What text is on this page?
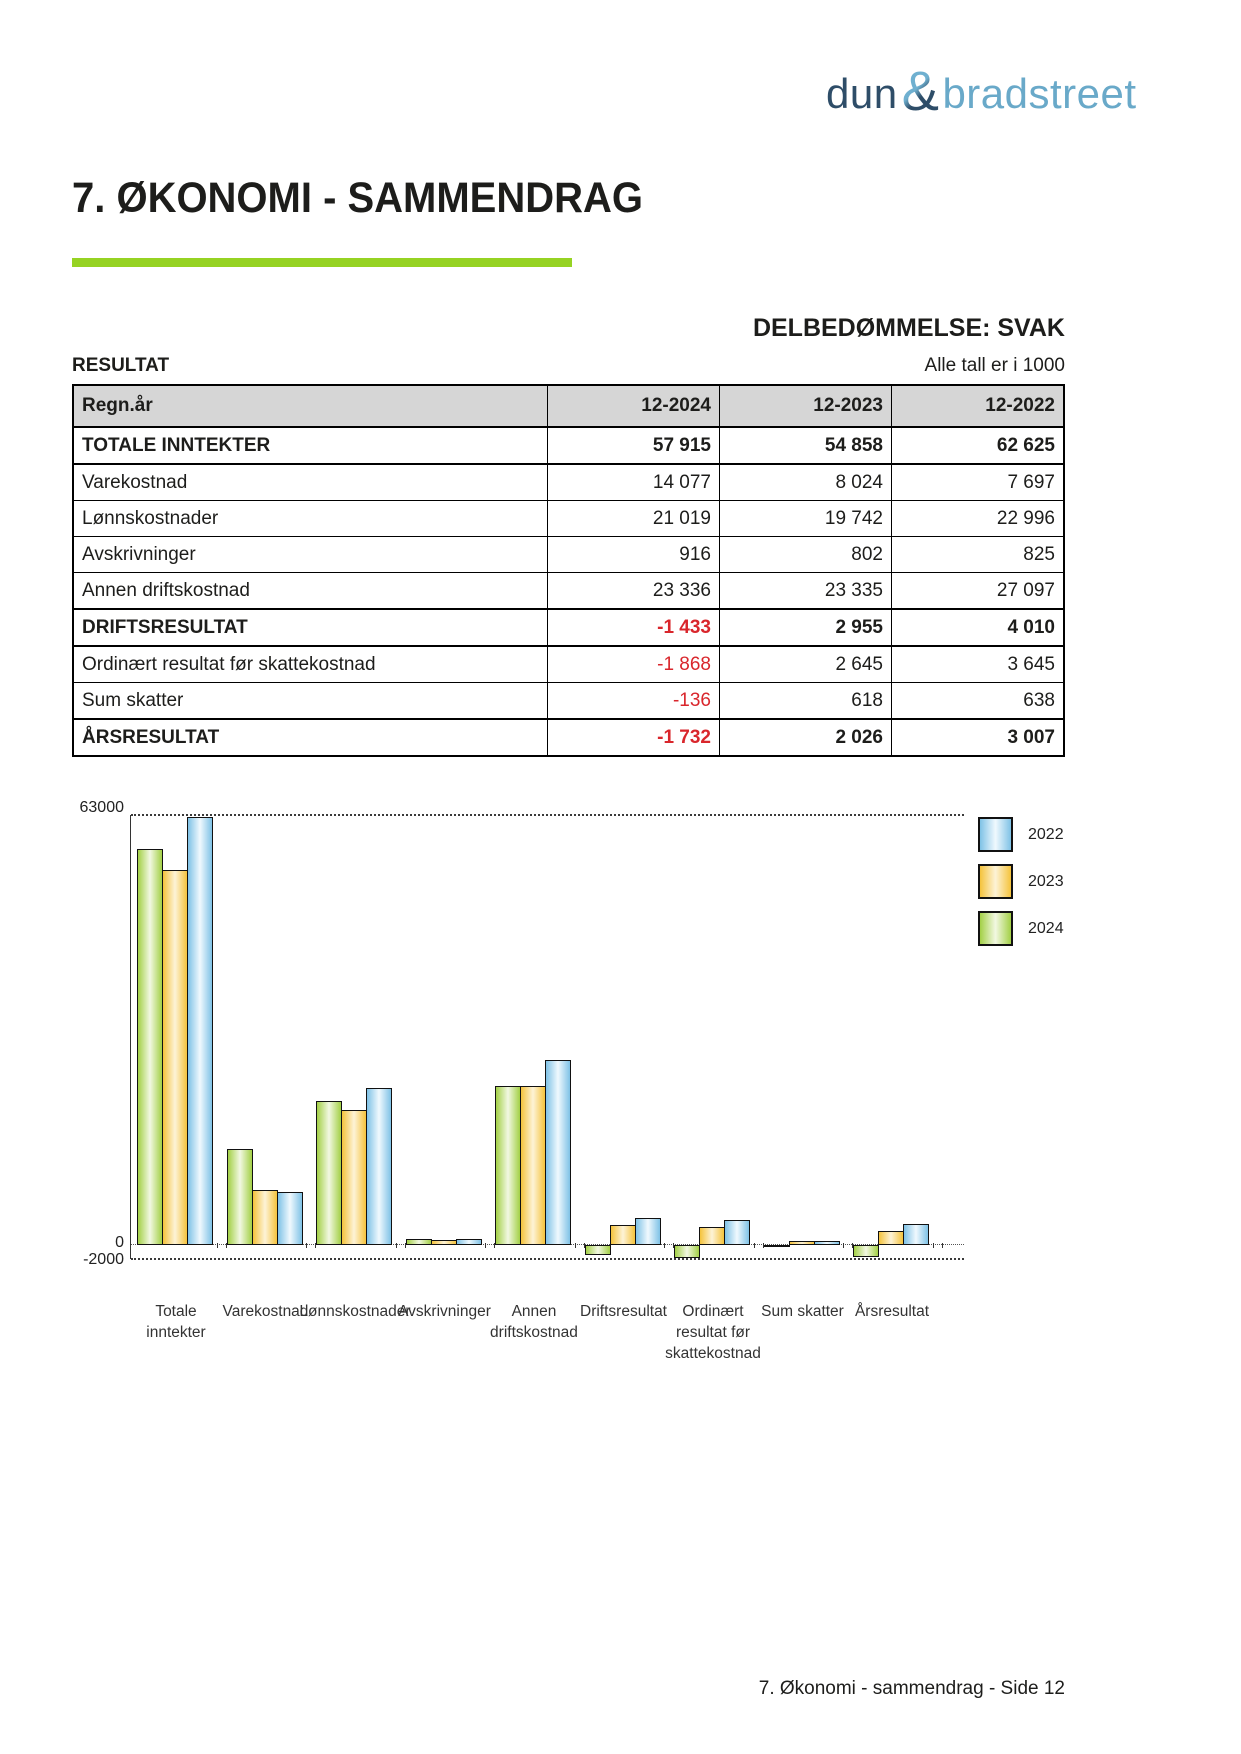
dun & bradstreet
7. ØKONOMI - SAMMENDRAG
DELBEDØMMELSE: SVAK
RESULTAT	Alle tall er i 1000
Regn.år	12-2024	12-2023	12-2022
TOTALE INNTEKTER	57 915	54 858	62 625
Varekostnad	14 077	8 024	7 697
Lønnskostnader	21 019	19 742	22 996
Avskrivninger	916	802	825
Annen driftskostnad	23 336	23 335	27 097
DRIFTSRESULTAT	-1 433	2 955	4 010
Ordinært resultat før skattekostnad	-1 868	2 645	3 645
Sum skatter	-136	618	638
ÅRSRESULTAT	-1 732	2 026	3 007
63000
0
-2000
Totale
inntekter
Varekostnad
Lønnskostnader
Avskrivninger	Annen
driftskostnad
Driftsresultat Ordinært
resultat før
skattekostnad
Sum skatter Årsresultat
2022
2023
2024
7. Økonomi - sammendrag - Side 12
